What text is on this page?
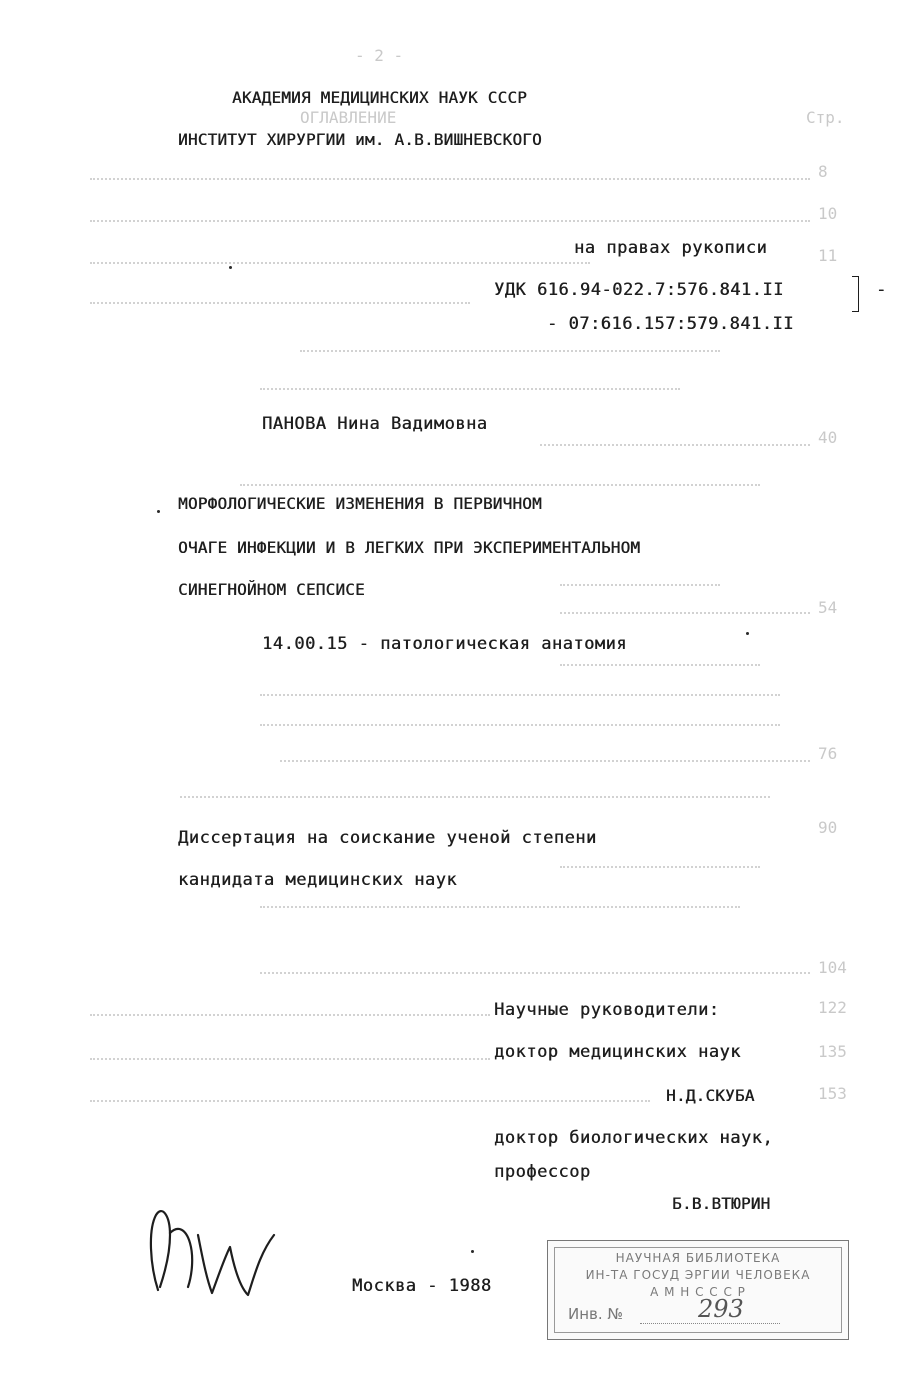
- 2 -
ОГЛАВЛЕНИЕ	Стр.
8
10
11
40
54
76
90
104
122
135
153
АКАДЕМИЯ МЕДИЦИНСКИХ НАУК СССР
ИНСТИТУТ ХИРУРГИИ им. А.В.ВИШНЕВСКОГО
на правах рукописи
УДК 616.94-022.7:576.841.II	-
- 07:616.157:579.841.II
ПАНОВА Нина Вадимовна
МОРФОЛОГИЧЕСКИЕ ИЗМЕНЕНИЯ В ПЕРВИЧНОМ
ОЧАГЕ ИНФЕКЦИИ И В ЛЕГКИХ ПРИ ЭКСПЕРИМЕНТАЛЬНОМ
СИНЕГНОЙНОМ СЕПСИСЕ
14.00.15 - патологическая анатомия
Диссертация на соискание ученой степени
кандидата медицинских наук
Научные руководители:
доктор медицинских наук
Н.Д.СКУБА
доктор биологических наук,
профессор
Б.В.ВТЮРИН
Москва - 1988
НАУЧНАЯ БИБЛИОТЕКА
ИН-ТА ГОСУД ЭРГИИ ЧЕЛОВЕКА
А М Н С С С Р
Инв. №	293
